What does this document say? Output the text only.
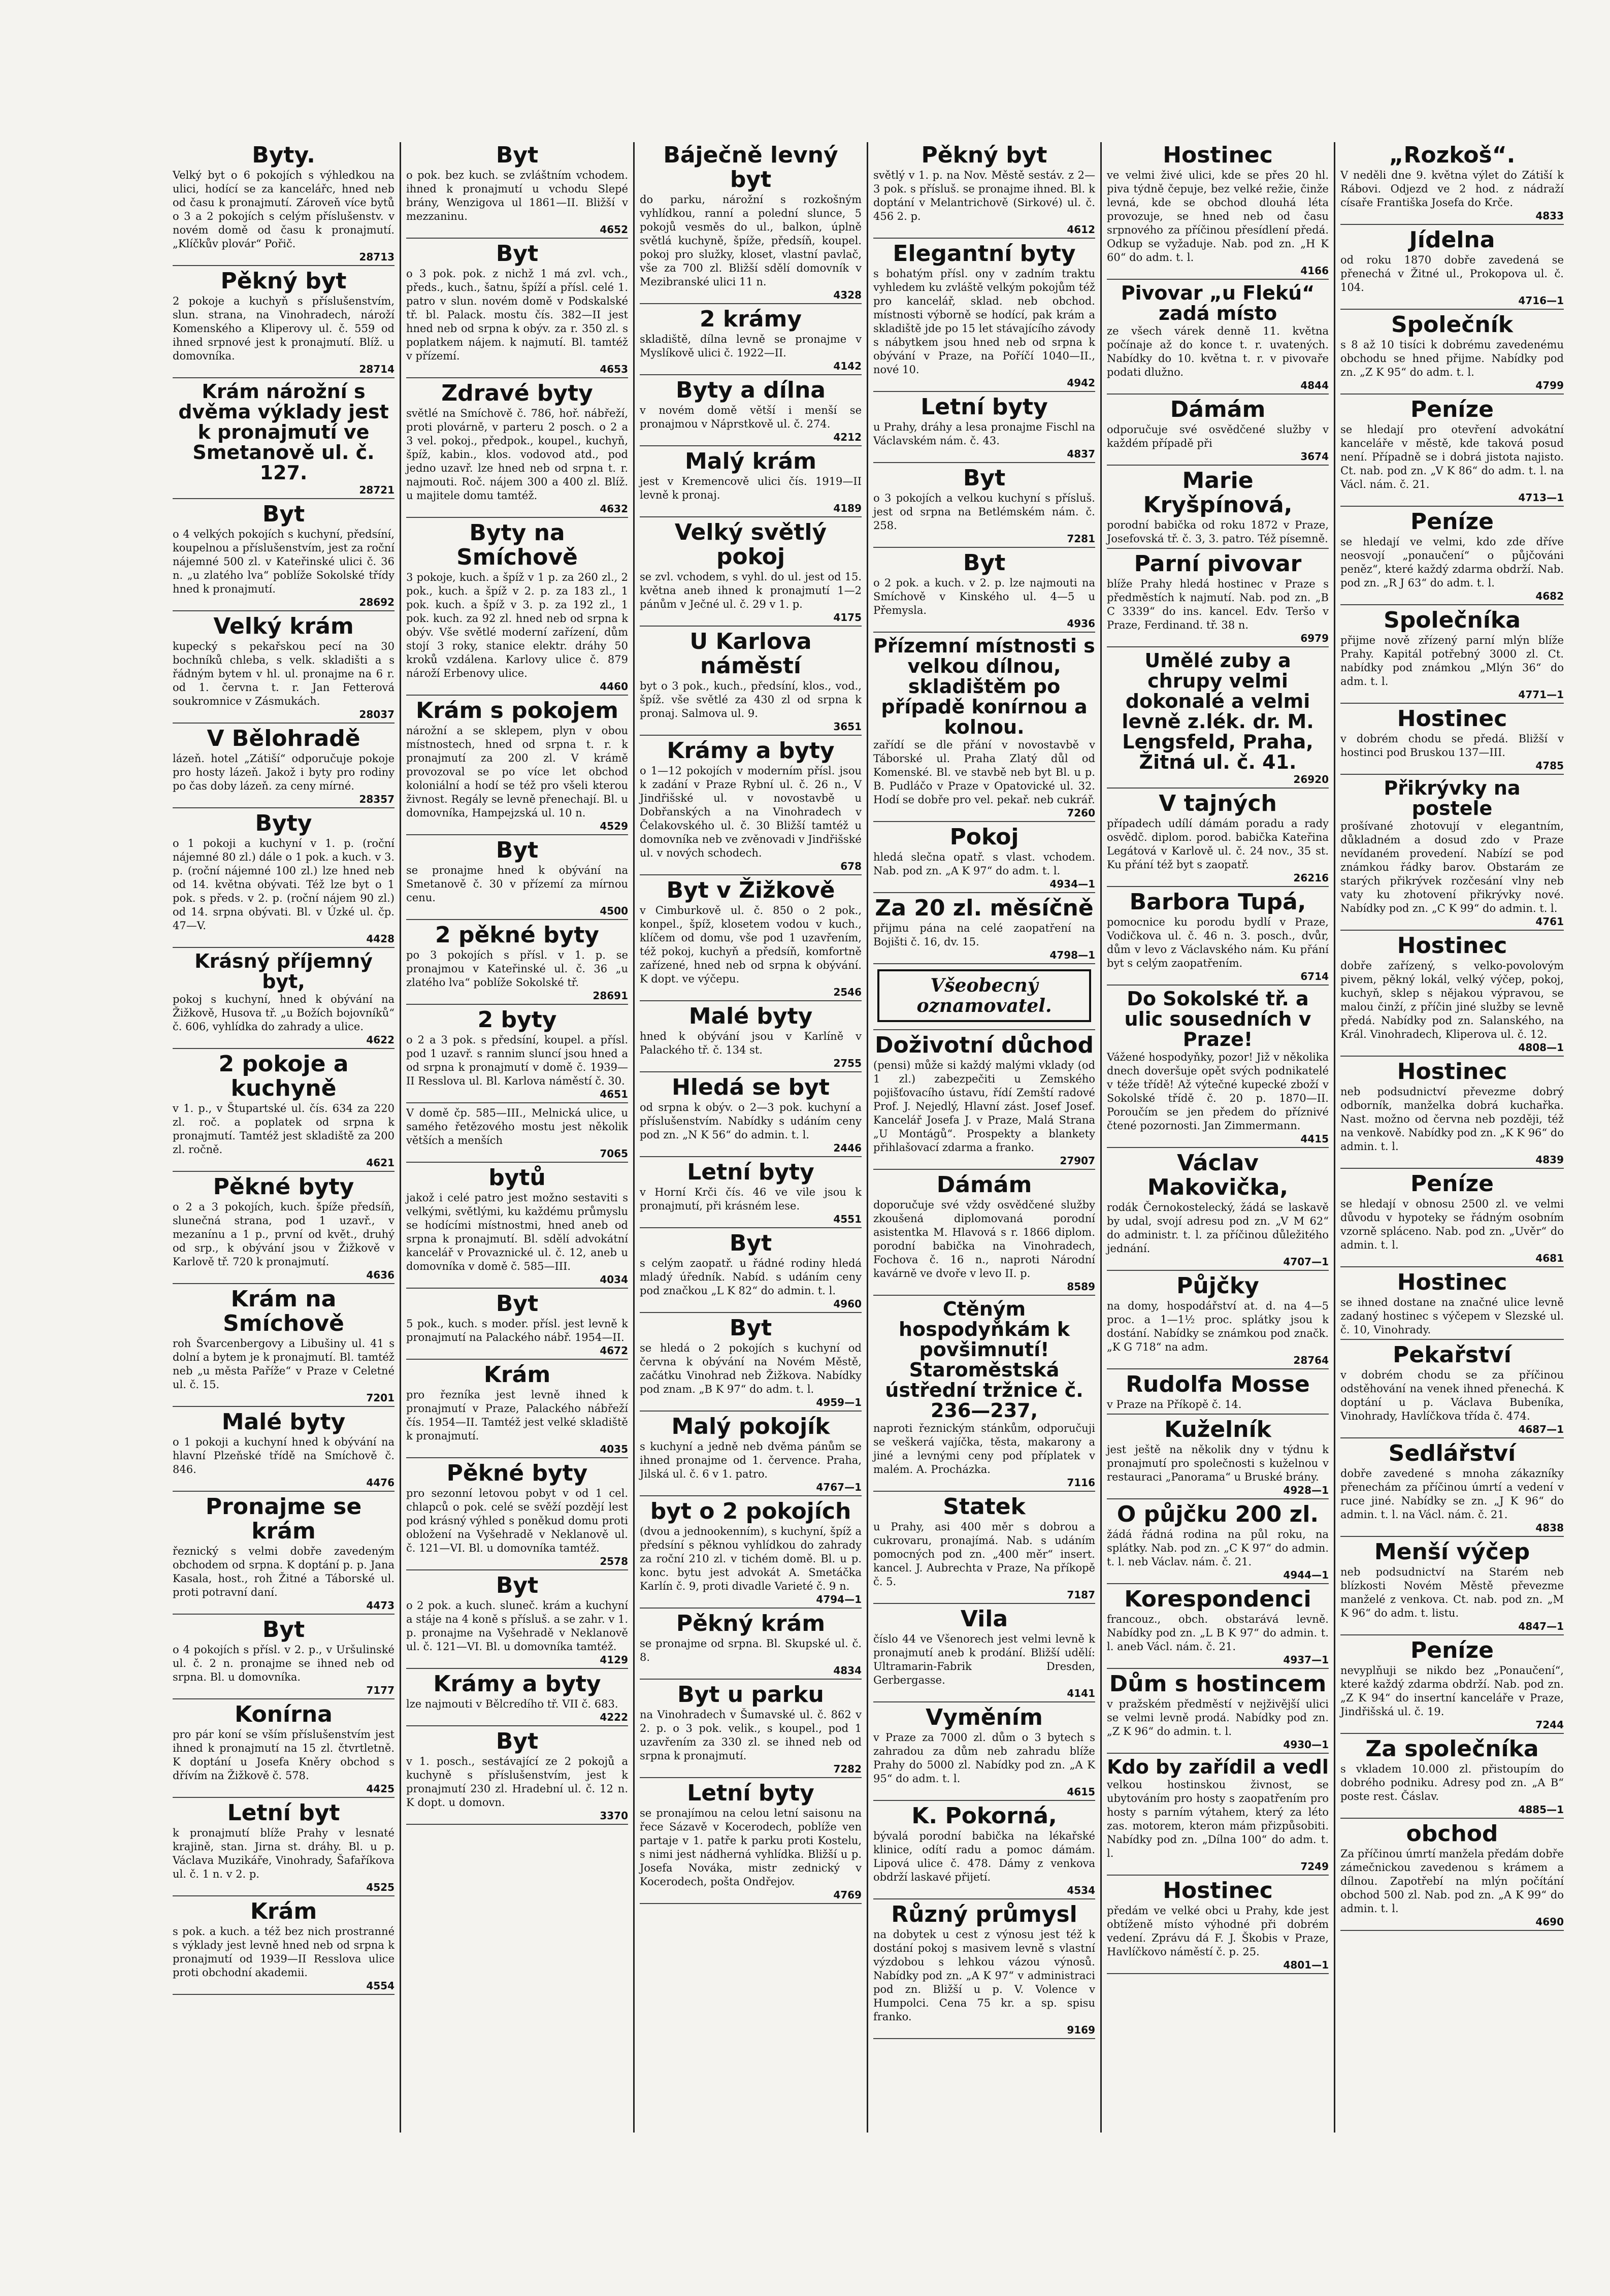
Byty.
Velký byt o 6 pokojích s výhledkou na ulici, hodící se za kancelářc, hned neb od času k pronajmutí. Zároveň více bytů o 3 a 2 pokojích s celým příslušenstv. v novém domě od času k pronajmutí. „Klíčkův plovár“ Pořič.
28713
Pěkný byt
2 pokoje a kuchyň s příslušenstvím, slun. strana, na Vinohradech, nároží Komenského a Kliperovy ul. č. 559 od ihned srpnové jest k pronajmutí. Blíž. u domovníka.
28714
Krám nárožní s dvěma výklady jest k pronajmutí ve Smetanově ul. č. 127.
28721
Byt
o 4 velkých pokojích s kuchyní, předsíní, koupelnou a příslušenstvím, jest za roční nájemné 500 zl. v Kateřinské ulici č. 36 n. „u zlatého lva“ poblíže Sokolské třídy hned k pronajmutí.
28692
Velký krám
kupecký s pekařskou pecí na 30 bochníků chleba, s velk. skladišti a s řádným bytem v hl. ul. pronajme na 6 r. od 1. června t. r. Jan Fetterová soukromnice v Zásmukách.
28037
V Bělohradě
lázeň. hotel „Zátiší“ odporučuje pokoje pro hosty lázeň. Jakož i byty pro rodiny po čas doby lázeň. za ceny mírné.
28357
Byty
o 1 pokoji a kuchyní v 1. p. (roční nájemné 80 zl.) dále o 1 pok. a kuch. v 3. p. (roční nájemné 100 zl.) lze hned neb od 14. května obývati. Též lze byt o 1 pok. s předs. v 2. p. (roční nájem 90 zl.) od 14. srpna obývati. Bl. v Úzké ul. čp. 47—V.
4428
Krásný příjemný byt,
pokoj s kuchyní, hned k obývání na Žižkově, Husova tř. „u Božích bojovníků“ č. 606, vyhlídka do zahrady a ulice.
4622
2 pokoje a kuchyně
v 1. p., v Štupartské ul. čís. 634 za 220 zl. roč. a poplatek od srpna k pronajmutí. Tamtéž jest skladiště za 200 zl. ročně.
4621
Pěkné byty
o 2 a 3 pokojích, kuch. špíže předsíň, slunečná strana, pod 1 uzavř., v mezanínu a 1 p., první od květ., druhý od srp., k obývání jsou v Žižkově v Karlově tř. 720 k pronajmutí.
4636
Krám na Smíchově
roh Švarcenbergovy a Libušiny ul. 41 s dolní a bytem je k pronajmutí. Bl. tamtéž neb „u města Paříže“ v Praze v Celetné ul. č. 15.
7201
Malé byty
o 1 pokoji a kuchyní hned k obývání na hlavní Plzeňské třídě na Smíchově č. 846.
4476
Pronajme se krám
řeznický s velmi dobře zavedeným obchodem od srpna. K doptání p. p. Jana Kasala, host., roh Žitné a Táborské ul. proti potravní daní.
4473
Byt
o 4 pokojích s přísl. v 2. p., v Uršulinské ul. č. 2 n. pronajme se ihned neb od srpna. Bl. u domovníka.
7177
Konírna
pro pár koní se vším příslušenstvím jest ihned k pronajmutí na 15 zl. čtvrtletně. K doptání u Josefa Kněry obchod s dřívím na Žižkově č. 578.
4425
Letní byt
k pronajmutí blíže Prahy v lesnaté krajině, stan. Jirna st. dráhy. Bl. u p. Václava Muzikáře, Vinohrady, Šafaříkova ul. č. 1 n. v 2. p.
4525
Krám
s pok. a kuch. a též bez nich prostranné s výklady jest levně hned neb od srpna k pronajmutí od 1939—II Resslova ulice proti obchodní akademii.
4554
Byt
o pok. bez kuch. se zvláštním vchodem. ihned k pronajmutí u vchodu Slepé brány, Wenzigova ul 1861—II. Bližší v mezzaninu.
4652
Byt
o 3 pok. pok. z nichž 1 má zvl. vch., předs., kuch., šatnu, špíží a přísl. celé 1. patro v slun. novém domě v Podskalské tř. bl. Palack. mostu čís. 382—II jest hned neb od srpna k obýv. za r. 350 zl. s poplatkem nájem. k najmutí. Bl. tamtéž v přízemí.
4653
Zdravé byty
světlé na Smíchově č. 786, hoř. nábřeží, proti plovárně, v parteru 2 posch. o 2 a 3 vel. pokoj., předpok., koupel., kuchyň, špíž, kabin., klos. vodovod atd., pod jedno uzavř. lze hned neb od srpna t. r. najmouti. Roč. nájem 300 a 400 zl. Blíž. u majitele domu tamtéž.
4632
Byty na Smíchově
3 pokoje, kuch. a špíž v 1 p. za 260 zl., 2 pok., kuch. a špíž v 2. p. za 183 zl., 1 pok. kuch. a špíž v 3. p. za 192 zl., 1 pok. kuch. za 92 zl. hned neb od srpna k obýv. Vše světlé moderní zařízení, dům stojí 3 roky, stanice elektr. dráhy 50 kroků vzdálena. Karlovy ulice č. 879 nároží Erbenovy ulice.
4460
Krám s pokojem
nárožní a se sklepem, plyn v obou místnostech, hned od srpna t. r. k pronajmutí za 200 zl. V krámě provozoval se po více let obchod koloniální a hodí se též pro všeli kterou živnost. Regály se levně přenechají. Bl. u domovníka, Hampejzská ul. 10 n.
4529
Byt
se pronajme hned k obývání na Smetanově č. 30 v přízemí za mírnou cenu.
4500
2 pěkné byty
po 3 pokojích s přísl. v 1. p. se pronajmou v Kateřinské ul. č. 36 „u zlatého lva“ poblíže Sokolské tř.
28691
2 byty
o 2 a 3 pok. s předsíní, koupel. a přísl. pod 1 uzavř. s rannim sluncí jsou hned a od srpna k pronajmutí v domě č. 1939—II Resslova ul. Bl. Karlova náměstí č. 30.
4651
V domě čp. 585—III., Melnická ulice, u samého řetězového mostu jest několik větších a menších
7065
bytů
jakož i celé patro jest možno sestaviti s velkými, světlými, ku každému průmyslu se hodícími místnostmi, hned aneb od srpna k pronajmutí. Bl. sdělí advokátní kancelář v Provaznické ul. č. 12, aneb u domovníka v domě č. 585—III.
4034
Byt
5 pok., kuch. s moder. přísl. jest levně k pronajmutí na Palackého nábř. 1954—II.
4672
Krám
pro řezníka jest levně ihned k pronajmutí v Praze, Palackého nábřeží čís. 1954—II. Tamtéž jest velké skladiště k pronajmutí.
4035
Pěkné byty
pro sezonní letovou pobyt v od 1 cel. chlapců o pok. celé se svěží pozdějí lest pod krásný výhled s poněkud domu proti obložení na Vyšehradě v Neklanově ul. č. 121—VI. Bl. u domovníka tamtéž.
2578
Byt
o 2 pok. a kuch. sluneč. krám a kuchyní a stáje na 4 koně s přísluš. a se zahr. v 1. p. pronajme na Vyšehradě v Neklanově ul. č. 121—VI. Bl. u domovníka tamtéž.
4129
Krámy a byty
lze najmouti v Bělcredího tř. VII č. 683.
4222
Byt
v 1. posch., sestávající ze 2 pokojů a kuchyně s příslušenstvím, jest k pronajmutí 230 zl. Hradební ul. č. 12 n. K dopt. u domovn.
3370
Báječně levný byt
do parku, nárožní s rozkošným vyhlídkou, ranní a polední slunce, 5 pokojů vesměs do ul., balkon, úplně světlá kuchyně, špíže, předsíň, koupel. pokoj pro služky, kloset, vlastní pavlač, vše za 700 zl. Bližší sdělí domovník v Mezibranské ulici 11 n.
4328
2 krámy
skladiště, dílna levně se pronajme v Myslíkově ulici č. 1922—II.
4142
Byty a dílna
v novém domě větší i menší se pronajmou v Náprstkově ul. č. 274.
4212
Malý krám
jest v Kremencově ulici čís. 1919—II levně k pronaj.
4189
Velký světlý pokoj
se zvl. vchodem, s vyhl. do ul. jest od 15. května aneb ihned k pronajmutí 1—2 pánům v Ječné ul. č. 29 v 1. p.
4175
U Karlova náměstí
byt o 3 pok., kuch., předsíní, klos., vod., špíž. vše světlé za 430 zl od srpna k pronaj. Salmova ul. 9.
3651
Krámy a byty
o 1—12 pokojích v moderním přísl. jsou k zadání v Praze Rybní ul. č. 26 n., V Jindřišské ul. v novostavbě u Dobřanských a na Vinohradech v Čelakovského ul. č. 30 Bližší tamtéž u domovníka neb ve zvěnovadi v Jindřišské ul. v nových schodech.
678
Byt v Žižkově
v Cimburkově ul. č. 850 o 2 pok., konpel., špíž, klosetem vodou v kuch., klíčem od domu, vše pod 1 uzavřením, též pokoj, kuchyň a předsíň, komfortně zařízené, hned neb od srpna k obývání. K dopt. ve výčepu.
2546
Malé byty
hned k obývání jsou v Karlíně v Palackého tř. č. 134 st.
2755
Hledá se byt
od srpna k obýv. o 2—3 pok. kuchyní a příslušenstvím. Nabídky s udáním ceny pod zn. „N K 56“ do admin. t. l.
2446
Letní byty
v Horní Krči čís. 46 ve vile jsou k pronajmutí, při krásném lese.
4551
Byt
s celým zaopatř. u řádné rodiny hledá mladý úředník. Nabíd. s udáním ceny pod značkou „L K 82“ do admin. t. l.
4960
Byt
se hledá o 2 pokojích s kuchyní od června k obývání na Novém Městě, začátku Vinohrad neb Žižkova. Nabídky pod znam. „B K 97“ do adm. t. l.
4959—1
Malý pokojík
s kuchyní a jedně neb dvěma pánům se ihned pronajme od 1. července. Praha, Jilská ul. č. 6 v 1. patro.
4767—1
byt o 2 pokojích
(dvou a jednookenním), s kuchyní, špíž a předsíní s pěknou vyhlídkou do zahrady za roční 210 zl. v tichém domě. Bl. u p. konc. bytu jest advokát A. Smetáčka Karlín č. 9, proti divadle Varieté č. 9 n.
4794—1
Pěkný krám
se pronajme od srpna. Bl. Skupské ul. č. 8.
4834
Byt u parku
na Vinohradech v Šumavské ul. č. 862 v 2. p. o 3 pok. velik., s koupel., pod 1 uzavřením za 330 zl. se ihned neb od srpna k pronajmutí.
7282
Letní byty
se pronajímou na celou letní saisonu na řece Sázavě v Kocerodech, poblíže ven partaje v 1. patře k parku proti Kostelu, s nimi jest nádherná vyhlídka. Bližší u p. Josefa Nováka, mistr zednický v Kocerodech, pošta Ondřejov.
4769
Pěkný byt
světlý v 1. p. na Nov. Městě sestáv. z 2—3 pok. s přísluš. se pronajme ihned. Bl. k doptání v Melantrichově (Sirkové) ul. č. 456 2. p.
4612
Elegantní byty
s bohatým přísl. ony v zadním traktu vyhledem ku zvláště velkým pokojům též pro kancelář, sklad. neb obchod. místnosti výborně se hodící, pak krám a skladiště jde po 15 let stávajícího závody s nábytkem jsou hned neb od srpna k obývání v Praze, na Poříčí 1040—II., nové 10.
4942
Letní byty
u Prahy, dráhy a lesa pronajme Fischl na Václavském nám. č. 43.
4837
Byt
o 3 pokojích a velkou kuchyní s přísluš. jest od srpna na Betlémském nám. č. 258.
7281
Byt
o 2 pok. a kuch. v 2. p. lze najmouti na Smíchově v Kinského ul. 4—5 u Přemysla.
4936
Přízemní místnosti s velkou dílnou, skladištěm po případě konírnou a kolnou.
zařídí se dle přání v novostavbě v Táborské ul. Praha Zlatý důl od Komenské. Bl. ve stavbě neb byt Bl. u p. B. Pudláčo v Praze v Opatovické ul. 32. Hodí se dobře pro vel. pekař. neb cukrář.
7260
Pokoj
hledá slečna opatř. s vlast. vchodem. Nab. pod zn. „A K 97“ do adm. t. l.
4934—1
Za 20 zl. měsíčně
přijmu pána na celé zaopatření na Bojišti č. 16, dv. 15.
4798—1
Všeobecný oznamovatel.
Doživotní důchod
(pensi) může si každý malými vklady (od 1 zl.) zabezpečiti u Zemského pojišťovacího ústavu, řídí Zemští radové Prof. J. Nejedlý, Hlavní zást. Josef Josef. Kancelář Josefa J. v Praze, Malá Strana „U Montágů“. Prospekty a blankety přihlašovací zdarma a franko.
27907
Dámám
doporučuje své vždy osvědčené služby zkoušená diplomovaná porodní asistentka M. Hlavová s r. 1866 diplom. porodní babička na Vinohradech, Fochova č. 16 n., naproti Národní kavárně ve dvoře v levo II. p.
8589
Ctěným hospodyňkám k povšimnutí! Staroměstská ústřední tržnice č. 236—237,
naproti řeznickým stánkům, odporučuji se veškerá vajíčka, těsta, makarony a jiné a levnými ceny pod příplatek v malém. A. Procházka.
7116
Statek
u Prahy, asi 400 měr s dobrou a cukrovaru, pronajímá. Nab. s udáním pomocných pod zn. „400 měr“ insert. kancel. J. Aubrechta v Praze, Na příkopě č. 5.
7187
Vila
číslo 44 ve Všenorech jest velmi levně k pronajmutí aneb k prodání. Bližší udělí: Ultramarin-Fabrik Dresden, Gerbergasse.
4141
Vyměním
v Praze za 7000 zl. dům o 3 bytech s zahradou za dům neb zahradu blíže Prahy do 5000 zl. Nabídky pod zn. „A K 95“ do adm. t. l.
4615
K. Pokorná,
bývalá porodní babička na lékařské klinice, odítí radu a pomoc dámám. Lipová ulice č. 478. Dámy z venkova obdrží laskavé přijetí.
4534
Různý průmysl
na dobytek u cest z výnosu jest též k dostání pokoj s masivem levně s vlastní výzdobou s lehkou vázou výnosů. Nabídky pod zn. „A K 97“ v administraci pod zn. Bližší u p. V. Volence v Humpolci. Cena 75 kr. a sp. spisu franko.
9169
Hostinec
ve velmi živé ulici, kde se přes 20 hl. piva týdně čepuje, bez velké režie, činže levná, kde se obchod dlouhá léta provozuje, se hned neb od času srpnového za příčinou přesídlení předá. Odkup se vyžaduje. Nab. pod zn. „H K 60“ do adm. t. l.
4166
Pivovar „u Flekú“ zadá místo
ze všech várek denně 11. května počínaje až do konce t. r. uvatených. Nabídky do 10. května t. r. v pivovaře podati dlužno.
4844
Dámám
odporučuje své osvědčené služby v každém případě při
3674
Marie Kryšpínová,
porodní babička od roku 1872 v Praze, Josefovská tř. č. 3, 3. patro. Též písemně.
Parní pivovar
blíže Prahy hledá hostinec v Praze s předměstích k najmutí. Nab. pod zn. „B C 3339“ do ins. kancel. Edv. Teršo v Praze, Ferdinand. tř. 38 n.
6979
Umělé zuby a chrupy velmi dokonalé a velmi levně z.lék. dr. M. Lengsfeld, Praha, Žitná ul. č. 41.
26920
V tajných
případech udílí dámám poradu a rady osvědč. diplom. porod. babička Kateřina Legátová v Karlově ul. č. 24 nov., 35 st. Ku přání též byt s zaopatř.
26216
Barbora Tupá,
pomocnice ku porodu bydlí v Praze, Vodičkova ul. č. 46 n. 3. posch., dvůr, dům v levo z Václavského nám. Ku přání byt s celým zaopatřením.
6714
Do Sokolské tř. a ulic sousedních v Praze!
Vážené hospodyňky, pozor! Již v několika dnech doveršuje opět svých podnikatelé v téže třídě! Až výtečné kupecké zboží v Sokolské třídě č. 20 p. 1870—II. Poroučím se jen předem do příznivé čtené pozornosti. Jan Zimmermann.
4415
Václav Makovička,
rodák Černokostelecký, žádá se laskavě by udal, svojí adresu pod zn. „V M 62“ do administr. t. l. za příčinou důležitého jednání.
4707—1
Půjčky
na domy, hospodářství at. d. na 4—5 proc. a 1—1½ proc. splátky jsou k dostání. Nabídky se známkou pod značk. „K G 718“ na adm.
28764
Rudolfa Mosse
v Praze na Příkopě č. 14.
Kuželník
jest ještě na několik dny v týdnu k pronajmutí pro společnosti s kuželnou v restauraci „Panorama“ u Bruské brány.
4928—1
O půjčku 200 zl.
žádá řádná rodina na půl roku, na splátky. Nab. pod zn. „C K 97“ do admin. t. l. neb Václav. nám. č. 21.
4944—1
Korespondenci
francouz., obch. obstarává levně. Nabídky pod zn. „L B K 97“ do admin. t. l. aneb Václ. nám. č. 21.
4937—1
Dům s hostincem
v pražském předměstí v nejživější ulici se velmi levně prodá. Nabídky pod zn. „Z K 96“ do admin. t. l.
4930—1
Kdo by zařídil a vedl
velkou hostinskou živnost, se ubytováním pro hosty s zaopatřením pro hosty s parním výtahem, který za léto zas. motorem, kteron mám přizpůsobiti. Nabídky pod zn. „Dílna 100“ do adm. t. l.
7249
Hostinec
předám ve velké obci u Prahy, kde jest obtíženě místo výhodné při dobrém vedení. Zprávu dá F. J. Škobis v Praze, Havlíčkovo náměstí č. p. 25.
4801—1
„Rozkoš“.
V neděli dne 9. května výlet do Zátiší k Rábovi. Odjezd ve 2 hod. z nádraží císaře Františka Josefa do Krče.
4833
Jídelna
od roku 1870 dobře zavedená se přenechá v Žitné ul., Prokopova ul. č. 104.
4716—1
Společník
s 8 až 10 tisíci k dobrému zavedenému obchodu se hned přijme. Nabídky pod zn. „Z K 95“ do adm. t. l.
4799
Peníze
se hledají pro otevření advokátní kanceláře v městě, kde taková posud není. Případně se i dobrá jistota najisto. Ct. nab. pod zn. „V K 86“ do adm. t. l. na Václ. nám. č. 21.
4713—1
Peníze
se hledají ve velmi, kdo zde dříve neosvojí „ponaučení“ o půjčováni peněz“, které každý zdarma obdrží. Nab. pod zn. „R J 63“ do adm. t. l.
4682
Společníka
přijme nově zřízený parní mlýn blíže Prahy. Kapitál potřebný 3000 zl. Ct. nabídky pod známkou „Mlýn 36“ do adm. t. l.
4771—1
Hostinec
v dobrém chodu se předá. Bližší v hostinci pod Bruskou 137—III.
4785
Přikrývky na postele
prošívané zhotovují v elegantním, důkladném a dosud zdo v Praze nevídaném provedení. Nabízí se pod známkou řádky barov. Obstarám ze starých přikrývek rozčesání vlny neb vaty ku zhotovení přikrývky nové. Nabídky pod zn. „C K 99“ do admin. t. l.
4761
Hostinec
dobře zařízený, s velko-povolovým pivem, pěkný lokál, velký výčep, pokoj, kuchyň, sklep s nějakou výpravou, se malou činží, z příčin jiné služby se levně předá. Nabídky pod zn. Salanského, na Král. Vinohradech, Kliperova ul. č. 12.
4808—1
Hostinec
neb podsudnictví převezme dobrý odborník, manželka dobrá kuchařka. Nast. možno od června neb později, též na venkově. Nabídky pod zn. „K K 96“ do admin. t. l.
4839
Peníze
se hledají v obnosu 2500 zl. ve velmi důvodu v hypoteky se řádným osobním vzorně spláceno. Nab. pod zn. „Uvěr“ do admin. t. l.
4681
Hostinec
se ihned dostane na značné ulice levně zadaný hostinec s výčepem v Slezské ul. č. 10, Vinohrady.
Pekařství
v dobrém chodu se za příčinou odstěhování na venek ihned přenechá. K doptání u p. Václava Bubeníka, Vinohrady, Havlíčkova třída č. 474.
4687—1
Sedlářství
dobře zavedené s mnoha zákazníky přenechám za příčinou úmrtí a vedení v ruce jiné. Nabídky se zn. „J K 96“ do admin. t. l. na Václ. nám. č. 21.
4838
Menší výčep
neb podsudnictví na Starém neb blízkosti Novém Městě převezme manželé z venkova. Ct. nab. pod zn. „M K 96“ do adm. t. listu.
4847—1
Peníze
nevyplňuji se nikdo bez „Ponaučení“, které každý zdarma obdrží. Nab. pod zn. „Z K 94“ do insertní kanceláře v Praze, Jindřišská ul. č. 19.
7244
Za společníka
s vkladem 10.000 zl. přistoupím do dobrého podniku. Adresy pod zn. „A B“ poste rest. Čáslav.
4885—1
obchod
Za příčinou úmrtí manžela předám dobře zámečnickou zavedenou s krámem a dílnou. Zapotřebí na mlýn počítání obchod 500 zl. Nab. pod zn. „A K 99“ do admin. t. l.
4690
